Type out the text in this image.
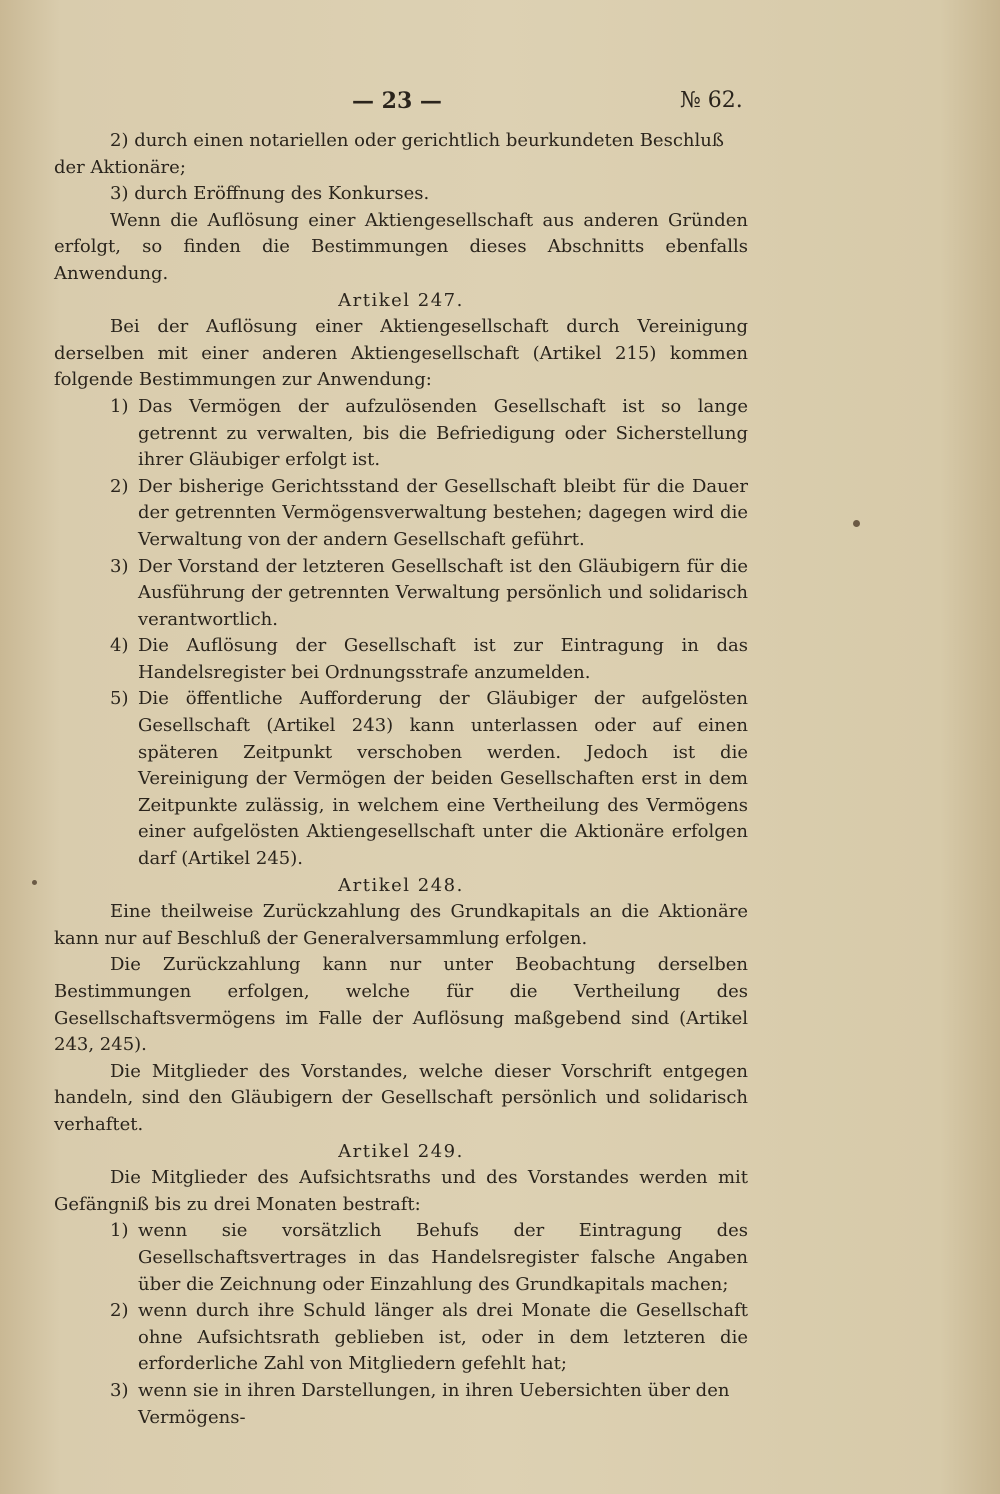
— 23 —	№ 62.

2) durch einen notariellen oder gerichtlich beurkundeten Beschluß der Aktionäre;

3) durch Eröffnung des Konkurses.

Wenn die Auflösung einer Aktiengesellschaft aus anderen Gründen erfolgt, so finden die Bestimmungen dieses Abschnitts ebenfalls Anwendung.

Artikel 247.

Bei der Auflösung einer Aktiengesellschaft durch Vereinigung derselben mit einer anderen Aktiengesellschaft (Artikel 215) kommen folgende Bestimmungen zur Anwendung:

1) Das Vermögen der aufzulösenden Gesellschaft ist so lange getrennt zu verwalten, bis die Befriedigung oder Sicherstellung ihrer Gläubiger erfolgt ist.

2) Der bisherige Gerichtsstand der Gesellschaft bleibt für die Dauer der getrennten Vermögensverwaltung bestehen; dagegen wird die Verwaltung von der andern Gesellschaft geführt.

3) Der Vorstand der letzteren Gesellschaft ist den Gläubigern für die Ausführung der getrennten Verwaltung persönlich und solidarisch verantwortlich.

4) Die Auflösung der Gesellschaft ist zur Eintragung in das Handelsregister bei Ordnungsstrafe anzumelden.

5) Die öffentliche Aufforderung der Gläubiger der aufgelösten Gesellschaft (Artikel 243) kann unterlassen oder auf einen späteren Zeitpunkt verschoben werden. Jedoch ist die Vereinigung der Vermögen der beiden Gesellschaften erst in dem Zeitpunkte zulässig, in welchem eine Vertheilung des Vermögens einer aufgelösten Aktiengesellschaft unter die Aktionäre erfolgen darf (Artikel 245).

Artikel 248.

Eine theilweise Zurückzahlung des Grundkapitals an die Aktionäre kann nur auf Beschluß der Generalversammlung erfolgen.

Die Zurückzahlung kann nur unter Beobachtung derselben Bestimmungen erfolgen, welche für die Vertheilung des Gesellschaftsvermögens im Falle der Auflösung maßgebend sind (Artikel 243, 245).

Die Mitglieder des Vorstandes, welche dieser Vorschrift entgegen handeln, sind den Gläubigern der Gesellschaft persönlich und solidarisch verhaftet.

Artikel 249.

Die Mitglieder des Aufsichtsraths und des Vorstandes werden mit Gefängniß bis zu drei Monaten bestraft:

1) wenn sie vorsätzlich Behufs der Eintragung des Gesellschaftsvertrages in das Handelsregister falsche Angaben über die Zeichnung oder Einzahlung des Grundkapitals machen;

2) wenn durch ihre Schuld länger als drei Monate die Gesellschaft ohne Aufsichtsrath geblieben ist, oder in dem letzteren die erforderliche Zahl von Mitgliedern gefehlt hat;

3) wenn sie in ihren Darstellungen, in ihren Uebersichten über den Vermögens-
